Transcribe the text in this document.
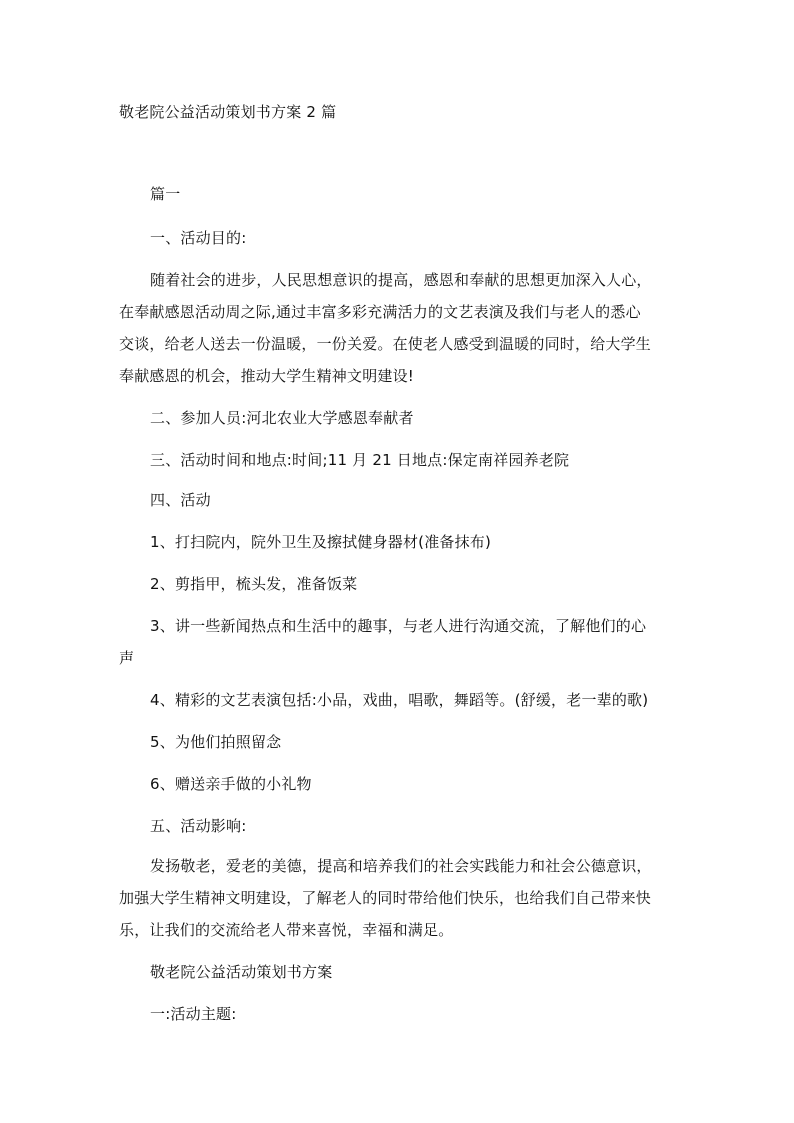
敬老院公益活动策划书方案 2 篇
篇一
一、活动目的:
随着社会的进步，人民思想意识的提高，感恩和奉献的思想更加深入人心，
在奉献感恩活动周之际,通过丰富多彩充满活力的文艺表演及我们与老人的悉心
交谈，给老人送去一份温暖，一份关爱。在使老人感受到温暖的同时，给大学生
奉献感恩的机会，推动大学生精神文明建设!
二、参加人员:河北农业大学感恩奉献者
三、活动时间和地点:时间;11 月 21 日地点:保定南祥园养老院
四、活动
1、打扫院内，院外卫生及擦拭健身器材(准备抹布)
2、剪指甲，梳头发，准备饭菜
3、讲一些新闻热点和生活中的趣事，与老人进行沟通交流，了解他们的心
声
4、精彩的文艺表演包括:小品，戏曲，唱歌，舞蹈等。(舒缓，老一辈的歌)
5、为他们拍照留念
6、赠送亲手做的小礼物
五、活动影响:
发扬敬老，爱老的美德，提高和培养我们的社会实践能力和社会公德意识，
加强大学生精神文明建设，了解老人的同时带给他们快乐，也给我们自己带来快
乐，让我们的交流给老人带来喜悦，幸福和满足。
敬老院公益活动策划书方案
一:活动主题:
